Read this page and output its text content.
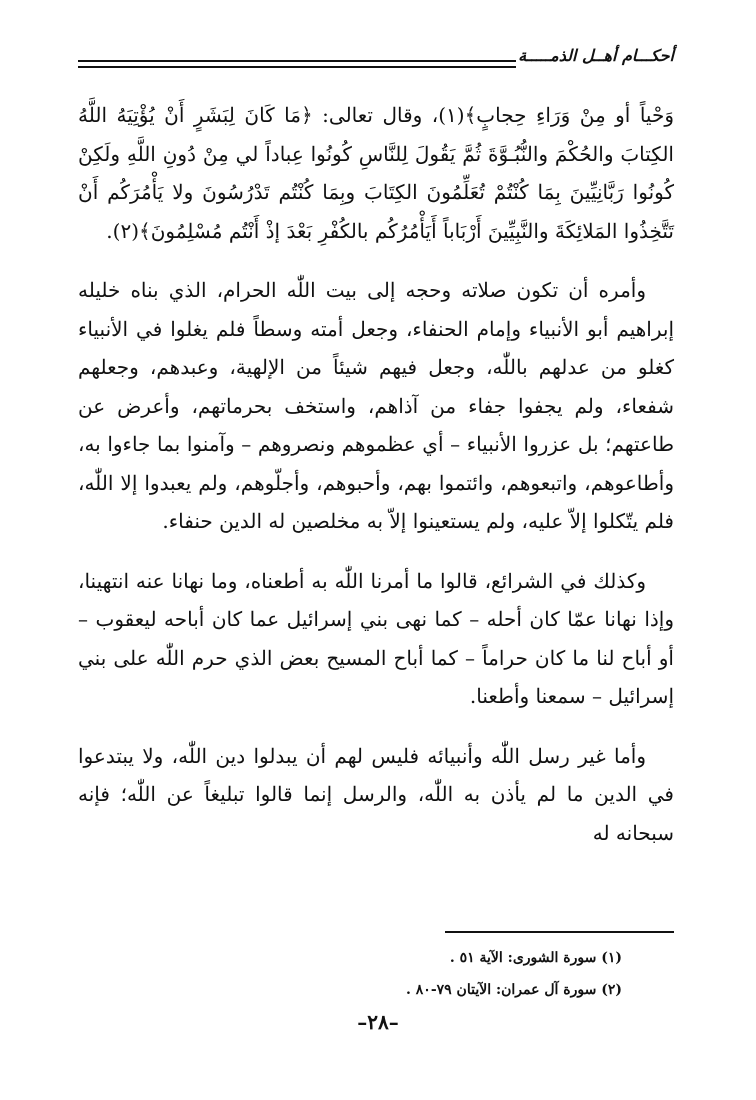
أحكـــام أهــل الذمـــــة

وَحْياً أو مِنْ وَرَاءِ حِجابٍ﴾(١)، وقال تعالى: ﴿مَا كَانَ لِبَشَرٍ أَنْ يُؤْتِيَهُ اللَّهُ الكِتابَ والحُكْمَ والنُّبُـوَّةَ ثُمَّ يَقُولَ لِلنَّاسِ كُونُوا عِباداً لي مِنْ دُونِ اللَّهِ ولَكِنْ كُونُوا رَبَّانِيِّينَ بِمَا كُنْتُمْ تُعَلِّمُونَ الكِتَابَ وبِمَا كُنْتُم تَدْرُسُونَ ولا يَأْمُرَكُم أَنْ تَتَّخِذُوا المَلائِكَةَ والنَّبِيِّينَ أَرْبَاباً أَيَأْمُرُكُم بالكُفْرِ بَعْدَ إذْ أَنْتُم مُسْلِمُونَ﴾(٢).

وأمره أن تكون صلاته وحجه إلى بيت اللّٰه الحرام، الذي بناه خليله إبراهيم أبو الأنبياء وإمام الحنفاء، وجعل أمته وسطاً فلم يغلوا في الأنبياء كغلو من عدلهم باللّٰه، وجعل فيهم شيئاً من الإلهية، وعبدهم، وجعلهم شفعاء، ولم يجفوا جفاء من آذاهم، واستخف بحرماتهم، وأعرض عن طاعتهم؛ بل عزروا الأنبياء – أي عظموهم ونصروهم – وآمنوا بما جاءوا به، وأطاعوهم، واتبعوهم، وائتموا بهم، وأحبوهم، وأجلّوهم، ولم يعبدوا إلا اللّٰه، فلم يتّكلوا إلاّ عليه، ولم يستعينوا إلاّ به مخلصين له الدين حنفاء.

وكذلك في الشرائع، قالوا ما أمرنا اللّٰه به أطعناه، وما نهانا عنه انتهينا، وإذا نهانا عمّا كان أحله – كما نهى بني إسرائيل عما كان أباحه ليعقوب – أو أباح لنا ما كان حراماً – كما أباح المسيح بعض الذي حرم اللّٰه على بني إسرائيل – سمعنا وأطعنا.

وأما غير رسل اللّٰه وأنبيائه فليس لهم أن يبدلوا دين اللّٰه، ولا يبتدعوا في الدين ما لم يأذن به اللّٰه، والرسل إنما قالوا تبليغاً عن اللّٰه؛ فإنه سبحانه له

(١) سورة الشورى: الآية ٥١ .

(٢) سورة آل عمران: الآيتان ٧٩-٨٠ .

–٢٨–
